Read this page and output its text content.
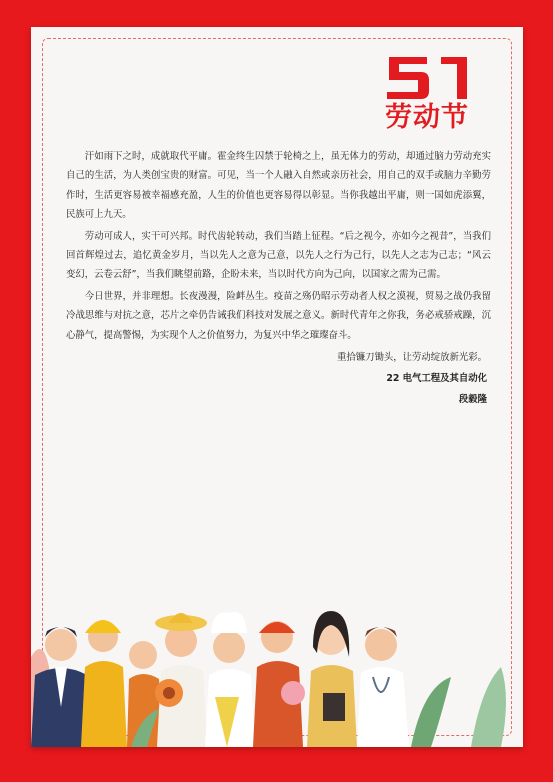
劳动节

汗如雨下之时，成就取代平庸。霍金终生囚禁于轮椅之上，虽无体力的劳动，却通过脑力劳动充实自己的生活，为人类创宝贵的财富。可见，当一个人融入自然或亲历社会，用自己的双手或脑力辛勤劳作时，生活更容易被幸福感充盈，人生的价值也更容易得以彰显。当你我越出平庸，则一国如虎添翼，民族可上九天。

劳动可成人，实干可兴邦。时代齿轮转动，我们当踏上征程。“后之视今，亦如今之视昔”，当我们回首辉煌过去，追忆黄金岁月，当以先人之意为己意，以先人之行为己行，以先人之志为己志；“风云变幻，云卷云舒”，当我们眺望前路，企盼未来，当以时代方向为己向，以国家之需为己需。

今日世界，并非理想。长夜漫漫，险衅丛生。疫苗之殇仍昭示劳动者人权之漠视，贸易之战仍我留冷战思维与对抗之意，芯片之牵仍告诫我们科技对发展之意义。新时代青年之你我，务必戒骄戒躁，沉心静气，提高警惕，为实现个人之价值努力，为复兴中华之璀璨奋斗。

重拾镰刀锄头，让劳动绽放新光彩。
22 电气工程及其自动化
段毅隆
